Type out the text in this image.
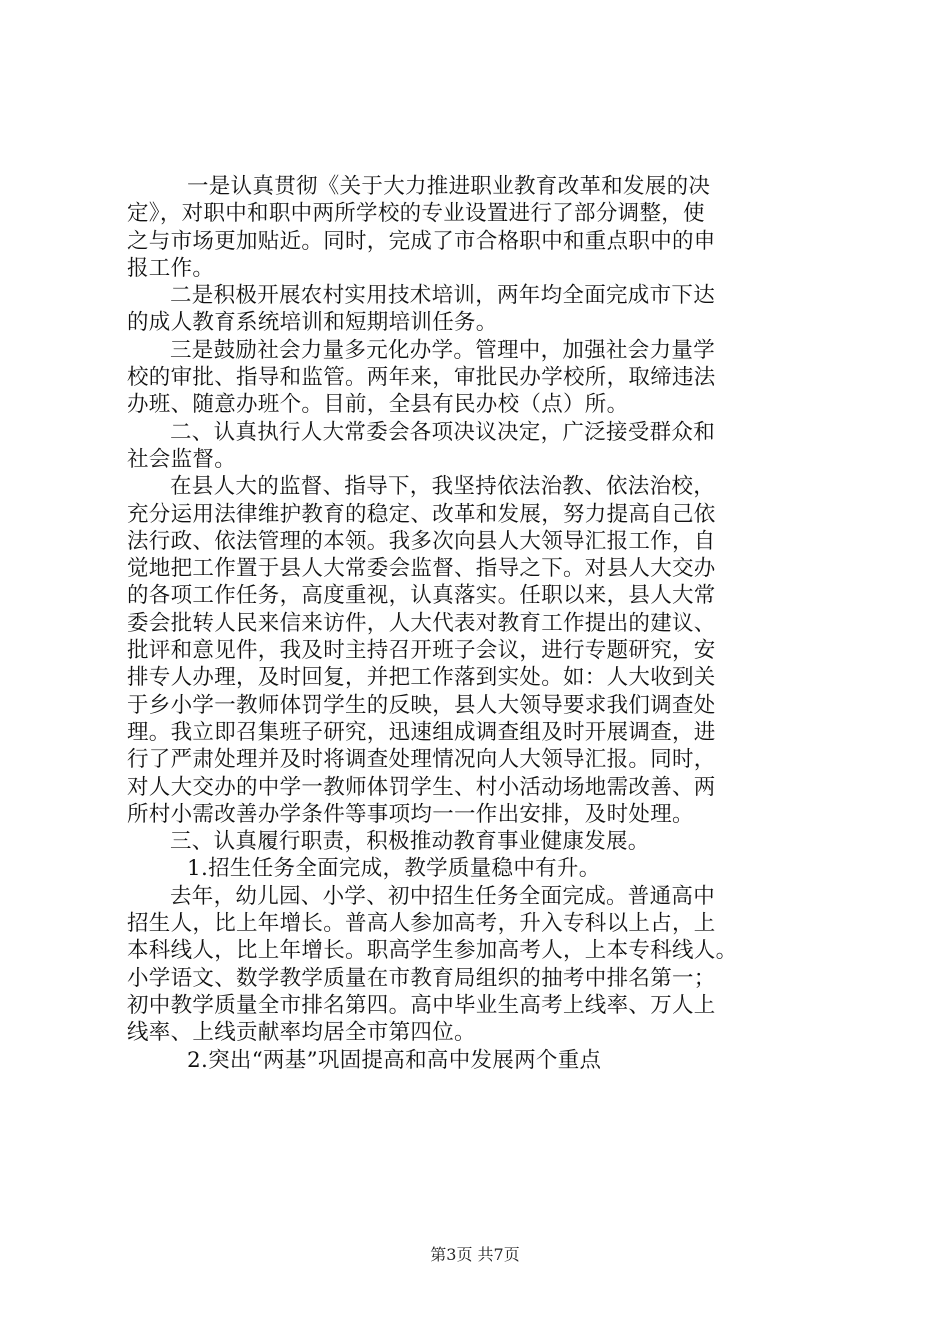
一是认真贯彻《关于大力推进职业教育改革和发展的决
定》，对职中和职中两所学校的专业设置进行了部分调整，使
之与市场更加贴近。同时，完成了市合格职中和重点职中的申
报工作。
二是积极开展农村实用技术培训，两年均全面完成市下达
的成人教育系统培训和短期培训任务。
三是鼓励社会力量多元化办学。管理中，加强社会力量学
校的审批、指导和监管。两年来，审批民办学校所，取缔违法
办班、随意办班个。目前，全县有民办校（点）所。
二、认真执行人大常委会各项决议决定，广泛接受群众和
社会监督。
在县人大的监督、指导下，我坚持依法治教、依法治校，
充分运用法律维护教育的稳定、改革和发展，努力提高自己依
法行政、依法管理的本领。我多次向县人大领导汇报工作，自
觉地把工作置于县人大常委会监督、指导之下。对县人大交办
的各项工作任务，高度重视，认真落实。任职以来，县人大常
委会批转人民来信来访件，人大代表对教育工作提出的建议、
批评和意见件，我及时主持召开班子会议，进行专题研究，安
排专人办理，及时回复，并把工作落到实处。如：人大收到关
于乡小学一教师体罚学生的反映，县人大领导要求我们调查处
理。我立即召集班子研究，迅速组成调查组及时开展调查，进
行了严肃处理并及时将调查处理情况向人大领导汇报。同时，
对人大交办的中学一教师体罚学生、村小活动场地需改善、两
所村小需改善办学条件等事项均一一作出安排，及时处理。
三、认真履行职责，积极推动教育事业健康发展。
1.招生任务全面完成，教学质量稳中有升。
去年，幼儿园、小学、初中招生任务全面完成。普通高中
招生人，比上年增长。普高人参加高考，升入专科以上占，上
本科线人，比上年增长。职高学生参加高考人，上本专科线人。
小学语文、数学教学质量在市教育局组织的抽考中排名第一；
初中教学质量全市排名第四。高中毕业生高考上线率、万人上
线率、上线贡献率均居全市第四位。
2.突出“两基”巩固提高和高中发展两个重点
第3页 共7页
